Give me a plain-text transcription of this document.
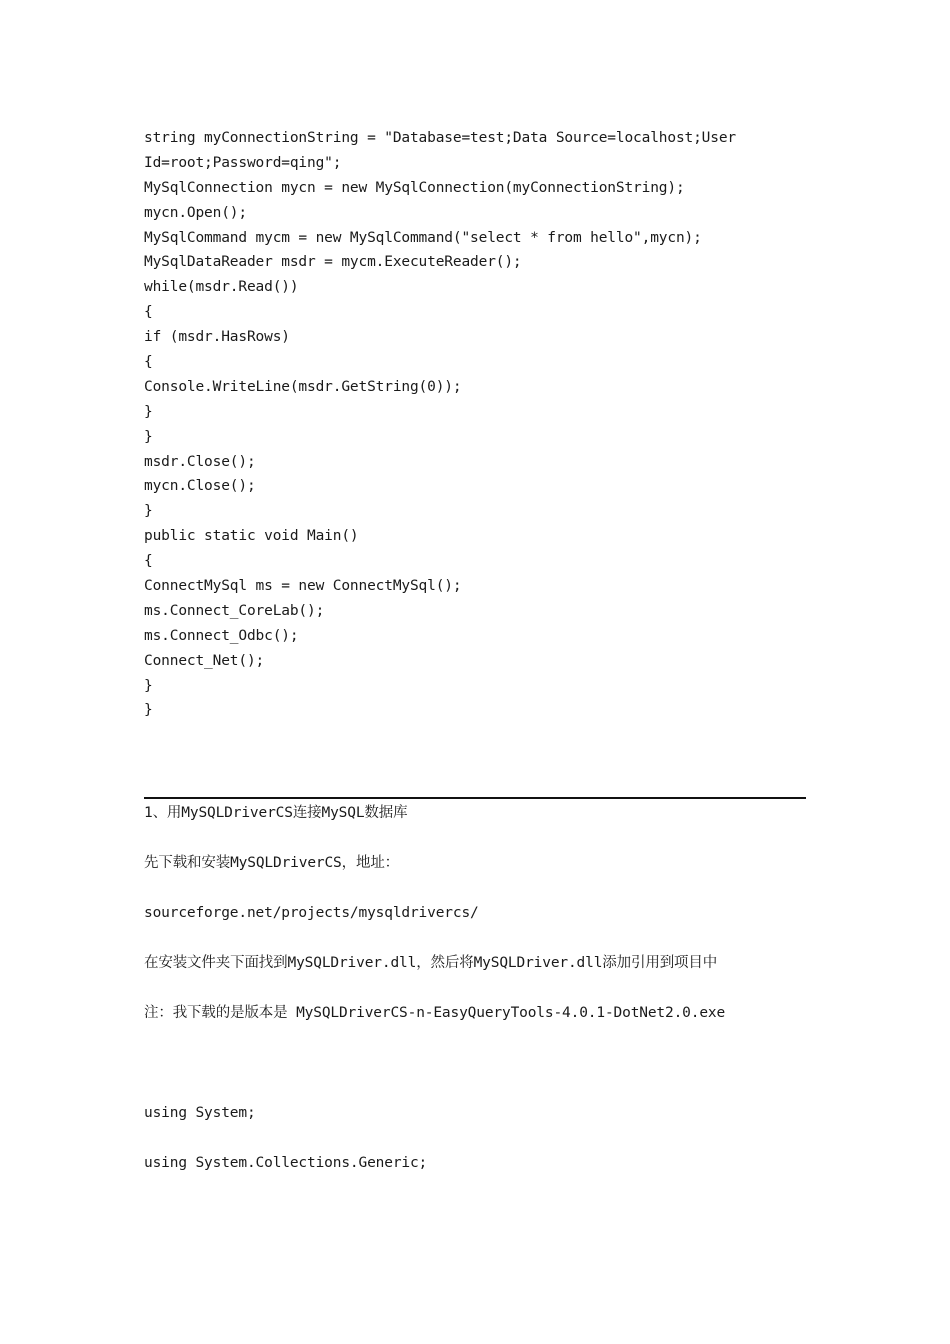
string myConnectionString = "Database=test;Data Source=localhost;User
Id=root;Password=qing";
MySqlConnection mycn = new MySqlConnection(myConnectionString);
mycn.Open();
MySqlCommand mycm = new MySqlCommand("select * from hello",mycn);
MySqlDataReader msdr = mycm.ExecuteReader();
while(msdr.Read())
{
if (msdr.HasRows)
{
Console.WriteLine(msdr.GetString(0));
}
}
msdr.Close();
mycn.Close();
}
public static void Main()
{
ConnectMySql ms = new ConnectMySql();
ms.Connect_CoreLab();
ms.Connect_Odbc();
Connect_Net();
}
}
1、用MySQLDriverCS连接MySQL数据库
先下载和安装MySQLDriverCS，地址：
sourceforge.net/projects/mysqldrivercs/
在安装文件夹下面找到MySQLDriver.dll，然后将MySQLDriver.dll添加引用到项目中
注：我下载的是版本是 MySQLDriverCS-n-EasyQueryTools-4.0.1-DotNet2.0.exe
using System;
using System.Collections.Generic;
